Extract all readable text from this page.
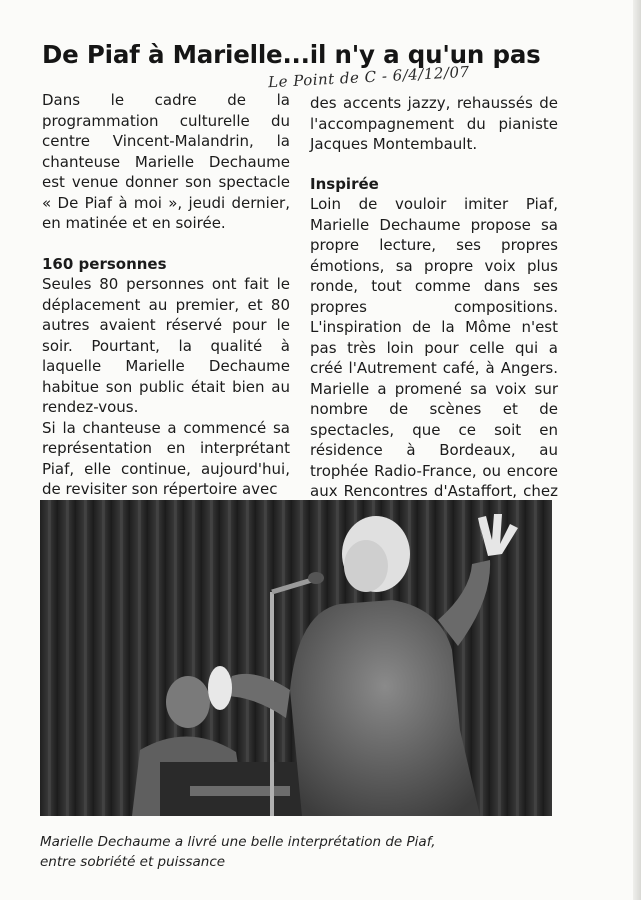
De Piaf à Marielle...il n'y a qu'un pas
Le Point de C - 6/4/12/07

Dans le cadre de la programmation culturelle du centre Vincent-Malandrin, la chanteuse Marielle Dechaume est venue donner son spectacle « De Piaf à moi », jeudi dernier, en matinée et en soirée.

160 personnes

Seules 80 personnes ont fait le déplacement au premier, et 80 autres avaient réservé pour le soir. Pourtant, la qualité à laquelle Marielle Dechaume habitue son public était bien au rendez-vous.

Si la chanteuse a commencé sa représentation en interprétant Piaf, elle continue, aujourd'hui, de revisiter son répertoire avec

des accents jazzy, rehaussés de l'accompagnement du pianiste Jacques Montembault.

Inspirée

Loin de vouloir imiter Piaf, Marielle Dechaume propose sa propre lecture, ses propres émotions, sa propre voix plus ronde, tout comme dans ses propres compositions. L'inspiration de la Môme n'est pas très loin pour celle qui a créé l'Autrement café, à Angers. Marielle a promené sa voix sur nombre de scènes et de spectacles, que ce soit en résidence à Bordeaux, au trophée Radio-France, ou encore aux Rencontres d'Astaffort, chez

Marielle Dechaume a livré une belle interprétation de Piaf,
entre sobriété et puissance
